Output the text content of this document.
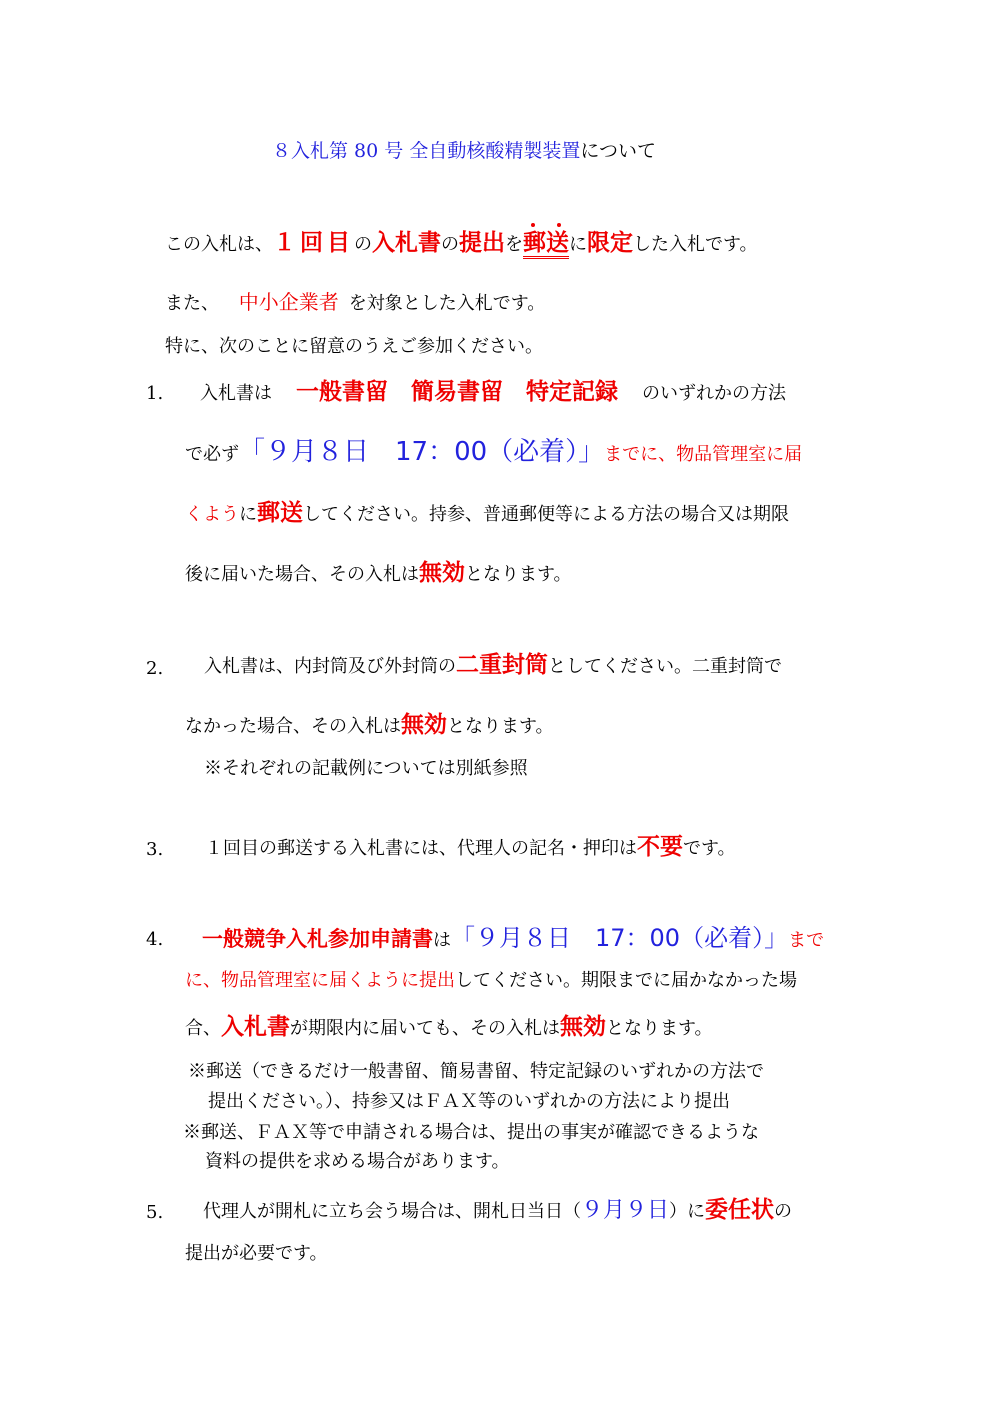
８入札第 80 号 全自動核酸精製装置について
この入札は、１回目の入札書の提出を
郵送に限定した入札です。
また、 中小企業者 を対象とした入札です。
特に、次のことに留意のうえご参加ください。
1. 入札書は 一般書留　簡易書留　特定記録 のいずれかの方法
で必ず「９月８日　17：00（必着）」までに、物品管理室に届
くように郵送してください。持参、普通郵便等による方法の場合又は期限
後に届いた場合、その入札は無効となります。
2. 入札書は、内封筒及び外封筒の二重封筒としてください。二重封筒で
なかった場合、その入札は無効となります。
※それぞれの記載例については別紙参照
3. １回目の郵送する入札書には、代理人の記名・押印は不要です。
4. 一般競争入札参加申請書は「９月８日　17：00（必着）」まで
に、物品管理室に届くように提出してください。期限までに届かなかった場
合、入札書が期限内に届いても、その入札は無効となります。
※郵送（できるだけ一般書留、簡易書留、特定記録のいずれかの方法で
提出ください。）、持参又はＦＡＸ等のいずれかの方法により提出
※郵送、ＦＡＸ等で申請される場合は、提出の事実が確認できるような
資料の提供を求める場合があります。
5. 代理人が開札に立ち会う場合は、開札日当日（９月９日）に委任状の
提出が必要です。
